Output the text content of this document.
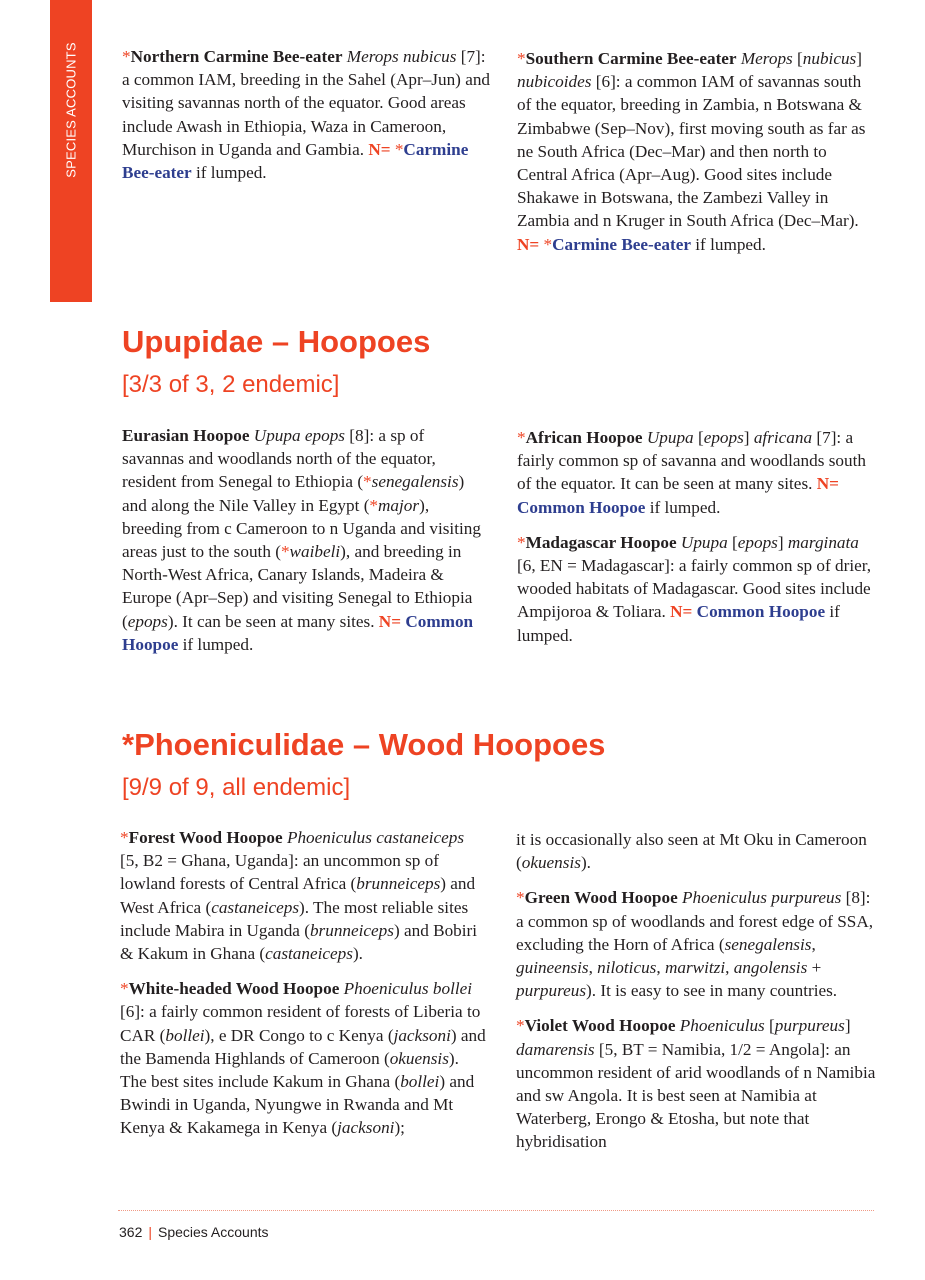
SPECIES ACCOUNTS	*Northern Carmine Bee-eater Merops nubicus [7]: a common IAM, breeding in the Sahel (Apr–Jun) and visiting savannas north of the equator. Good areas include Awash in Ethiopia, Waza in Cameroon, Murchison in Uganda and Gambia. N= *Carmine Bee-eater if lumped.

*Southern Carmine Bee-eater Merops [nubicus] nubicoides [6]: a common IAM of savannas south of the equator, breeding in Zambia, n Botswana & Zimbabwe (Sep–Nov), first moving south as far as ne South Africa (Dec–Mar) and then north to Central Africa (Apr–Aug). Good sites include Shakawe in Botswana, the Zambezi Valley in Zambia and n Kruger in South Africa (Dec–Mar). N= *Carmine Bee-eater if lumped.

Upupidae – Hoopoes
[3/3 of 3, 2 endemic]

Eurasian Hoopoe Upupa epops [8]: a sp of savannas and woodlands north of the equator, resident from Senegal to Ethiopia (*senegalensis) and along the Nile Valley in Egypt (*major), breeding from c Cameroon to n Uganda and visiting areas just to the south (*waibeli), and breeding in North-West Africa, Canary Islands, Madeira & Europe (Apr–Sep) and visiting Senegal to Ethiopia (epops). It can be seen at many sites. N= Common Hoopoe if lumped.

*African Hoopoe Upupa [epops] africana [7]: a fairly common sp of savanna and woodlands south of the equator. It can be seen at many sites. N= Common Hoopoe if lumped.

*Madagascar Hoopoe Upupa [epops] marginata [6, EN = Madagascar]: a fairly common sp of drier, wooded habitats of Madagascar. Good sites include Ampijoroa & Toliara. N= Common Hoopoe if lumped.

*Phoeniculidae – Wood Hoopoes
[9/9 of 9, all endemic]

*Forest Wood Hoopoe Phoeniculus castaneiceps [5, B2 = Ghana, Uganda]: an uncommon sp of lowland forests of Central Africa (brunneiceps) and West Africa (castaneiceps). The most reliable sites include Mabira in Uganda (brunneiceps) and Bobiri & Kakum in Ghana (castaneiceps).

*White-headed Wood Hoopoe Phoeniculus bollei [6]: a fairly common resident of forests of Liberia to CAR (bollei), e DR Congo to c Kenya (jacksoni) and the Bamenda Highlands of Cameroon (okuensis). The best sites include Kakum in Ghana (bollei) and Bwindi in Uganda, Nyungwe in Rwanda and Mt Kenya & Kakamega in Kenya (jacksoni);

it is occasionally also seen at Mt Oku in Cameroon (okuensis).

*Green Wood Hoopoe Phoeniculus purpureus [8]: a common sp of woodlands and forest edge of SSA, excluding the Horn of Africa (senegalensis, guineensis, niloticus, marwitzi, angolensis + purpureus). It is easy to see in many countries.

*Violet Wood Hoopoe Phoeniculus [purpureus] damarensis [5, BT = Namibia, 1/2 = Angola]: an uncommon resident of arid woodlands of n Namibia and sw Angola. It is best seen at Namibia at Waterberg, Erongo & Etosha, but note that hybridisation

362 | Species Accounts
